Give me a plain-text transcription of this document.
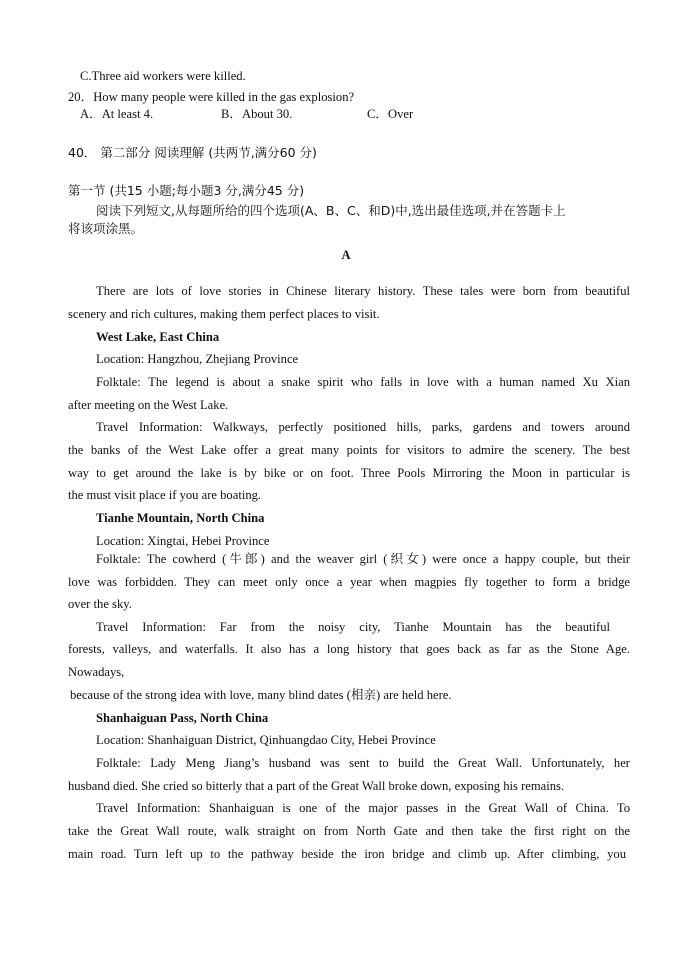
C.Three aid workers were killed.
20．How many people were killed in the gas explosion?
A．At least 4.	B．About 30.	C．Over
40． 第二部分 阅读理解 (共两节,满分60 分)
第一节 (共15 小题;每小题3 分,满分45 分)
阅读下列短文,从每题所给的四个选项(A、B、C、和D)中,选出最佳选项,并在答题卡上
将该项涂黑。
A
There are lots of love stories in Chinese literary history. These tales were born from beautiful
scenery and rich cultures, making them perfect places to visit.
West Lake, East China
Location: Hangzhou, Zhejiang Province
Folktale: The legend is about a snake spirit who falls in love with a human named Xu Xian
after meeting on the West Lake.
Travel Information: Walkways, perfectly positioned hills, parks, gardens and towers around
the banks of the West Lake offer a great many points for visitors to admire the scenery. The best
way to get around the lake is by bike or on foot. Three Pools Mirroring the Moon in particular is
the must visit place if you are boating.
Tianhe Mountain, North China
Location: Xingtai, Hebei Province
Folktale: The cowherd (牛郎) and the weaver girl (织女) were once a happy couple, but their
love was forbidden. They can meet only once a year when magpies fly together to form a bridge
over the sky.
Travel Information: Far from the noisy city, Tianhe Mountain has the beautiful
forests, valleys, and waterfalls. It also has a long history that goes back as far as the Stone Age.
Nowadays,
because of the strong idea with love, many blind dates (相亲) are held here.
Shanhaiguan Pass, North China
Location: Shanhaiguan District, Qinhuangdao City, Hebei Province
Folktale: Lady Meng Jiang’s husband was sent to build the Great Wall. Unfortunately, her
husband died. She cried so bitterly that a part of the Great Wall broke down, exposing his remains.
Travel Information: Shanhaiguan is one of the major passes in the Great Wall of China. To
take the Great Wall route, walk straight on from North Gate and then take the first right on the
main road. Turn left up to the pathway beside the iron bridge and climb up. After climbing, you
